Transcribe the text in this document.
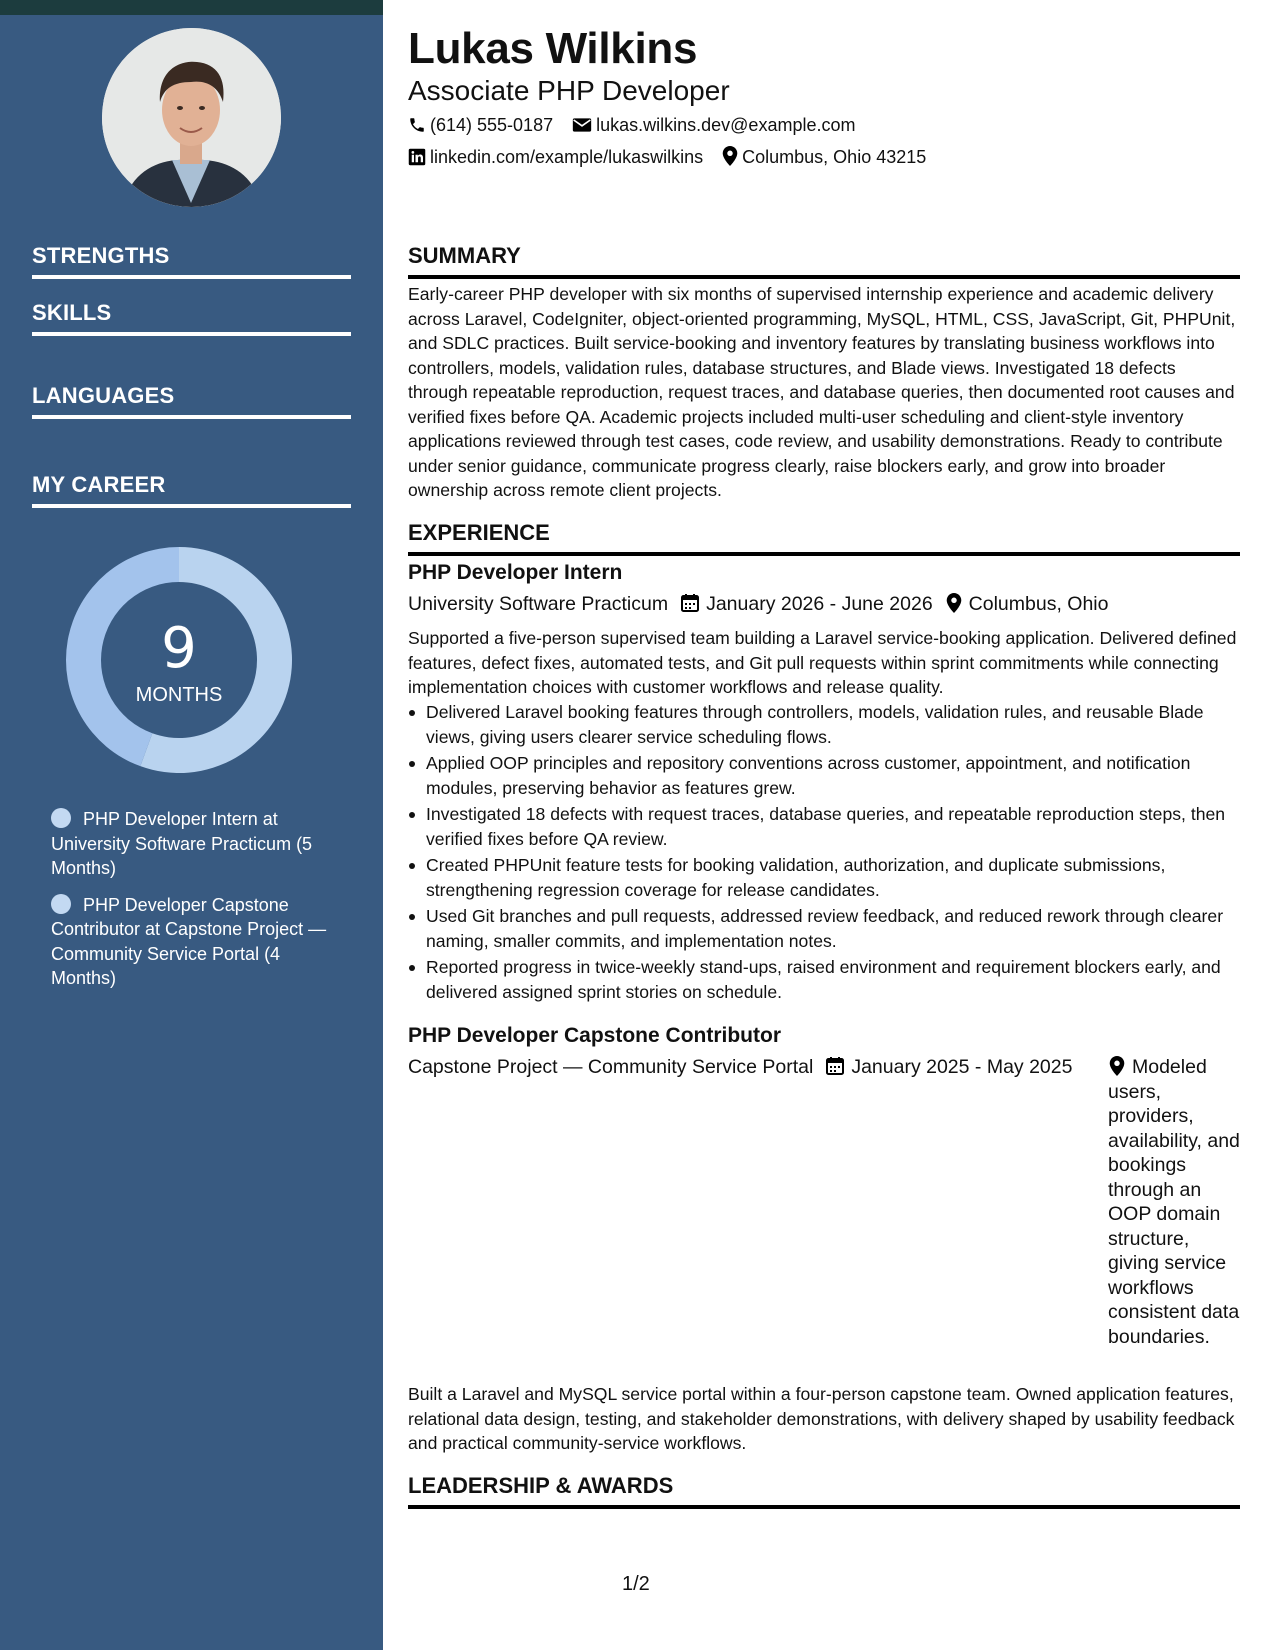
STRENGTHS
SKILLS
LANGUAGES
MY CAREER
9
MONTHS
PHP Developer Intern at University Software Practicum (5 Months)
PHP Developer Capstone Contributor at Capstone Project — Community Service Portal (4 Months)
Lukas Wilkins
Associate PHP Developer
(614) 555-0187 lukas.wilkins.dev@example.com
linkedin.com/example/lukaswilkins Columbus, Ohio 43215
SUMMARY
Early-career PHP developer with six months of supervised internship experience and academic delivery across Laravel, CodeIgniter, object-oriented programming, MySQL, HTML, CSS, JavaScript, Git, PHPUnit, and SDLC practices. Built service-booking and inventory features by translating business workflows into controllers, models, validation rules, database structures, and Blade views. Investigated 18 defects through repeatable reproduction, request traces, and database queries, then documented root causes and verified fixes before QA. Academic projects included multi-user scheduling and client-style inventory applications reviewed through test cases, code review, and usability demonstrations. Ready to contribute under senior guidance, communicate progress clearly, raise blockers early, and grow into broader ownership across remote client projects.
EXPERIENCE
PHP Developer Intern
University Software Practicum January 2026 - June 2026 Columbus, Ohio
Supported a five-person supervised team building a Laravel service-booking application. Delivered defined features, defect fixes, automated tests, and Git pull requests within sprint commitments while connecting implementation choices with customer workflows and release quality.
Delivered Laravel booking features through controllers, models, validation rules, and reusable Blade views, giving users clearer service scheduling flows.
Applied OOP principles and repository conventions across customer, appointment, and notification modules, preserving behavior as features grew.
Investigated 18 defects with request traces, database queries, and repeatable reproduction steps, then verified fixes before QA review.
Created PHPUnit feature tests for booking validation, authorization, and duplicate submissions, strengthening regression coverage for release candidates.
Used Git branches and pull requests, addressed review feedback, and reduced rework through clearer naming, smaller commits, and implementation notes.
Reported progress in twice-weekly stand-ups, raised environment and requirement blockers early, and delivered assigned sprint stories on schedule.
PHP Developer Capstone Contributor
Capstone Project — Community Service Portal January 2025 - May 2025	Modeled users, providers, availability, and bookings through an OOP domain structure, giving service workflows consistent data boundaries.
Built a Laravel and MySQL service portal within a four-person capstone team. Owned application features, relational data design, testing, and stakeholder demonstrations, with delivery shaped by usability feedback and practical community-service workflows.
LEADERSHIP & AWARDS
1/2
